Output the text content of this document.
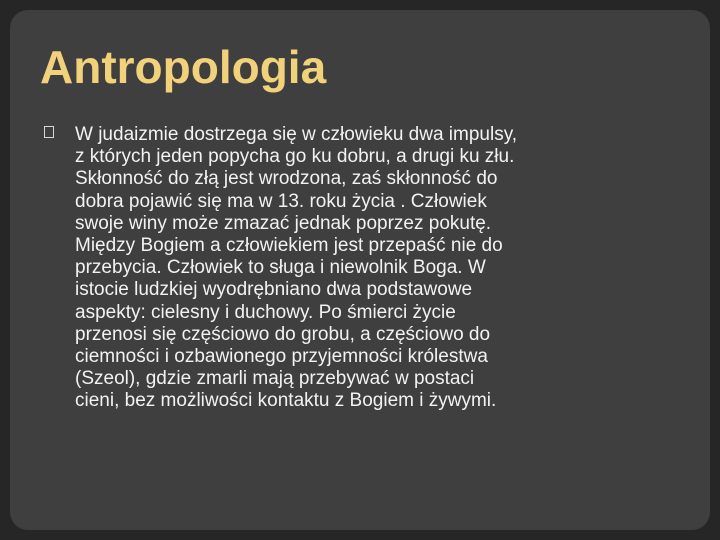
Antropologia

W judaizmie dostrzega się w człowieku dwa impulsy,
z których jeden popycha go ku dobru, a drugi ku złu.
Skłonność do złą jest wrodzona, zaś skłonność do
dobra pojawić się ma w 13. roku życia . Człowiek
swoje winy może zmazać jednak poprzez pokutę.
Między Bogiem a człowiekiem jest przepaść nie do
przebycia. Człowiek to sługa i niewolnik Boga. W
istocie ludzkiej wyodrębniano dwa podstawowe
aspekty: cielesny i duchowy. Po śmierci życie
przenosi się częściowo do grobu, a częściowo do
ciemności i ozbawionego przyjemności królestwa
(Szeol), gdzie zmarli mają przebywać w postaci
cieni, bez możliwości kontaktu z Bogiem i żywymi.
